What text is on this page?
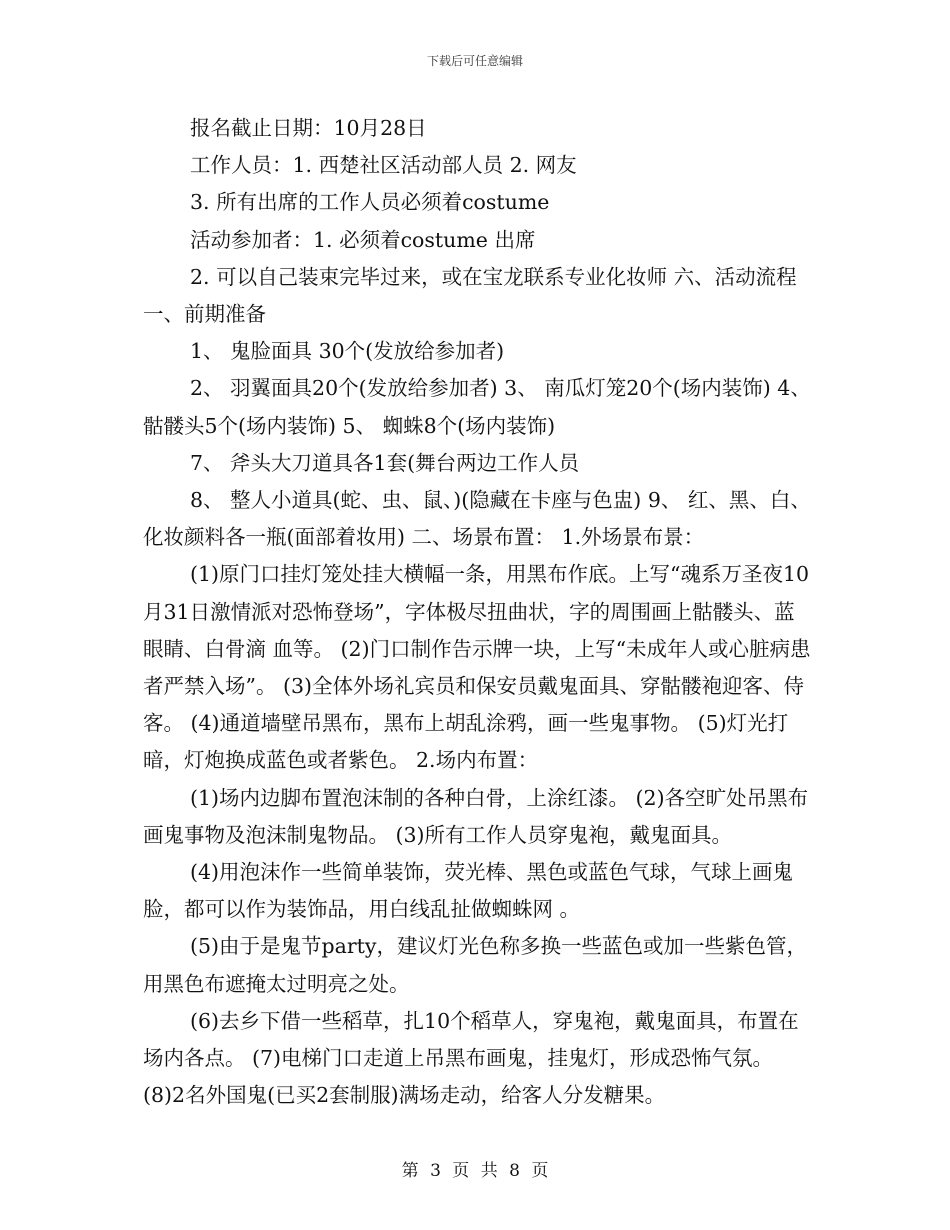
下载后可任意编辑

报名截止日期：10月28日

工作人员：1. 西楚社区活动部人员 2. 网友

3. 所有出席的工作人员必须着costume

活动参加者：1. 必须着costume 出席

2. 可以自己装束完毕过来，或在宝龙联系专业化妆师 六、活动流程 一、前期准备

1、 鬼脸面具 30个(发放给参加者)

2、 羽翼面具20个(发放给参加者) 3、 南瓜灯笼20个(场内装饰) 4、 骷髅头5个(场内装饰) 5、 蜘蛛8个(场内装饰)

7、 斧头大刀道具各1套(舞台两边工作人员

8、 整人小道具(蛇、虫、鼠、)(隐藏在卡座与色盅) 9、 红、黑、白、化妆颜料各一瓶(面部着妆用) 二、场景布置： 1.外场景布景：

(1)原门口挂灯笼处挂大横幅一条，用黑布作底。上写“魂系万圣夜10月31日激情派对恐怖登场”，字体极尽扭曲状，字的周围画上骷髅头、蓝眼睛、白骨滴 血等。 (2)门口制作告示牌一块，上写“未成年人或心脏病患者严禁入场”。 (3)全体外场礼宾员和保安员戴鬼面具、穿骷髅袍迎客、侍客。 (4)通道墙壁吊黑布，黑布上胡乱涂鸦，画一些鬼事物。 (5)灯光打暗，灯炮换成蓝色或者紫色。 2.场内布置：

(1)场内边脚布置泡沫制的各种白骨，上涂红漆。 (2)各空旷处吊黑布画鬼事物及泡沫制鬼物品。 (3)所有工作人员穿鬼袍，戴鬼面具。

(4)用泡沫作一些简单装饰，荧光棒、黑色或蓝色气球，气球上画鬼脸，都可以作为装饰品，用白线乱扯做蜘蛛网 。

(5)由于是鬼节party，建议灯光色称多换一些蓝色或加一些紫色管，用黑色布遮掩太过明亮之处。

(6)去乡下借一些稻草，扎10个稻草人，穿鬼袍，戴鬼面具，布置在场内各点。 (7)电梯门口走道上吊黑布画鬼，挂鬼灯，形成恐怖气氛。 (8)2名外国鬼(已买2套制服)满场走动，给客人分发糖果。

第 3 页 共 8 页
